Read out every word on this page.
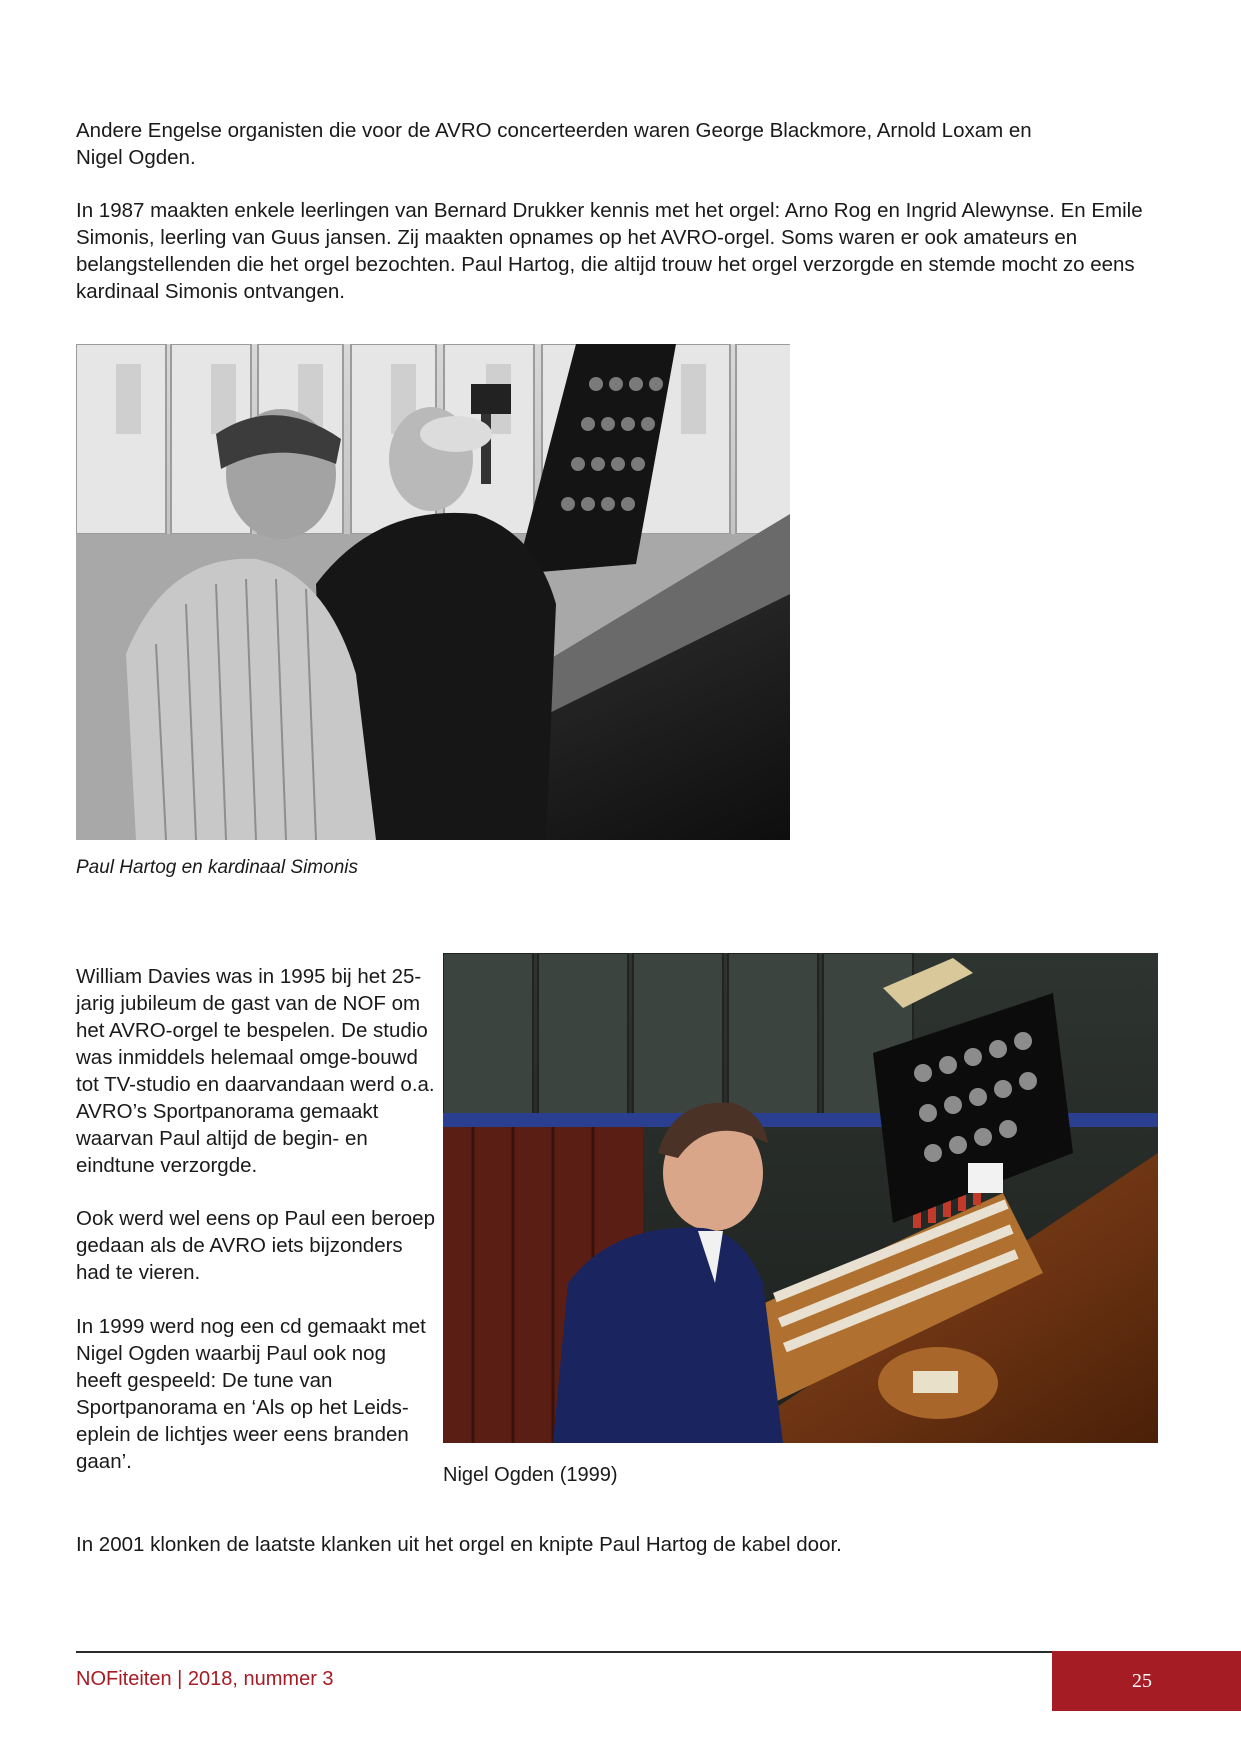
Andere Engelse organisten die voor de AVRO concerteerden waren George Blackmore, Arnold Loxam en Nigel Ogden.

In 1987 maakten enkele leerlingen van Bernard Drukker kennis met het orgel: Arno Rog en Ingrid Alewynse. En Emile Simonis, leerling van Guus jansen. Zij maakten opnames op het AVRO-orgel. Soms waren er ook amateurs en belangstellenden die het orgel bezochten. Paul Hartog, die altijd trouw het orgel verzorgde en stemde mocht zo eens kardinaal Simonis ontvangen.

Paul Hartog en kardinaal Simonis

William Davies was in 1995 bij het 25-jarig jubileum de gast van de NOF om het AVRO-orgel te bespelen. De studio was inmiddels helemaal omge-bouwd tot TV-studio en daarvandaan werd o.a. AVRO’s Sportpanorama gemaakt waarvan Paul altijd de begin- en eindtune verzorgde.

Ook werd wel eens op Paul een beroep gedaan als de AVRO iets bijzonders had te vieren.

In 1999 werd nog een cd gemaakt met Nigel Ogden waarbij Paul ook nog heeft gespeeld: De tune van Sportpanorama en ‘Als op het Leids-eplein de lichtjes weer eens branden gaan’.

Nigel Ogden (1999)

In 2001 klonken de laatste klanken uit het orgel en knipte Paul Hartog de kabel door.

NOFiteiten | 2018, nummer 3	25
